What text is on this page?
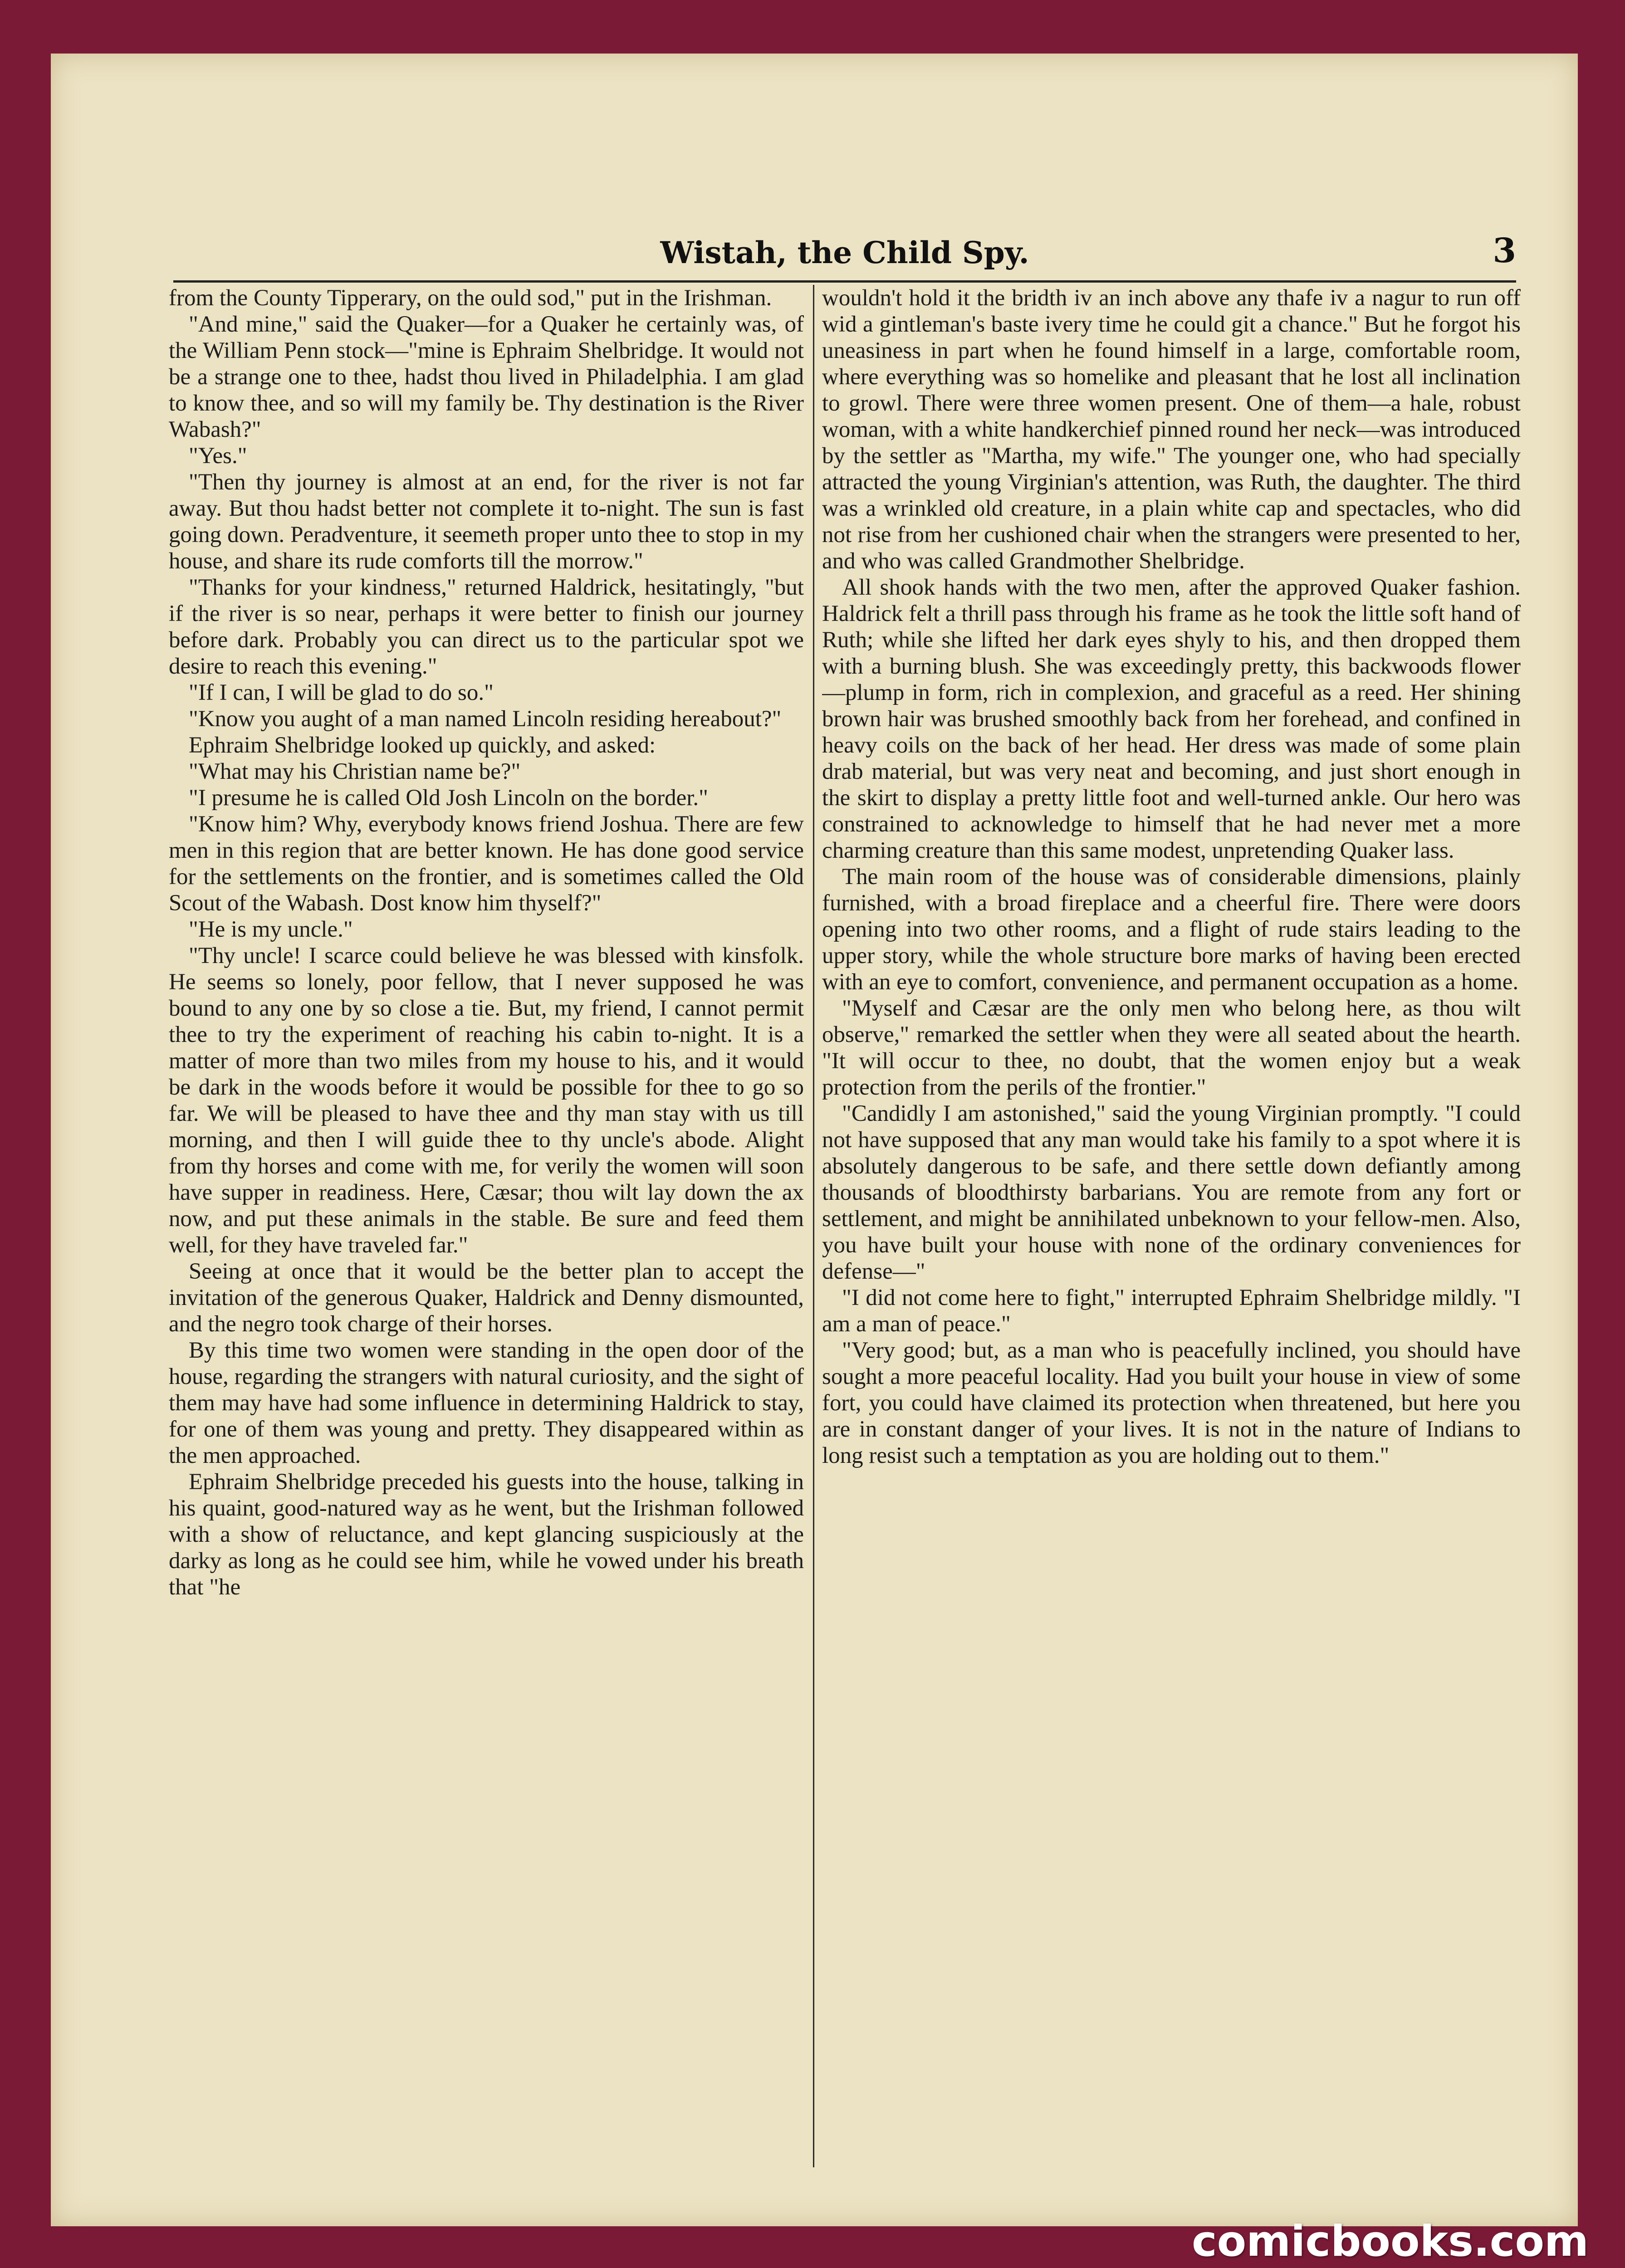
Wistah, the Child Spy.	3

from the County Tipperary, on the ould sod," put in the Irishman.

"And mine," said the Quaker—for a Quaker he certainly was, of the William Penn stock—"mine is Ephraim Shelbridge. It would not be a strange one to thee, hadst thou lived in Philadelphia. I am glad to know thee, and so will my family be. Thy destination is the River Wabash?"

"Yes."

"Then thy journey is almost at an end, for the river is not far away. But thou hadst better not complete it to-night. The sun is fast going down. Peradventure, it seemeth proper unto thee to stop in my house, and share its rude comforts till the morrow."

"Thanks for your kindness," returned Haldrick, hesitatingly, "but if the river is so near, perhaps it were better to finish our journey before dark. Probably you can direct us to the particular spot we desire to reach this evening."

"If I can, I will be glad to do so."

"Know you aught of a man named Lincoln residing hereabout?"

Ephraim Shelbridge looked up quickly, and asked:

"What may his Christian name be?"

"I presume he is called Old Josh Lincoln on the border."

"Know him? Why, everybody knows friend Joshua. There are few men in this region that are better known. He has done good service for the settlements on the frontier, and is sometimes called the Old Scout of the Wabash. Dost know him thyself?"

"He is my uncle."

"Thy uncle! I scarce could believe he was blessed with kinsfolk. He seems so lonely, poor fellow, that I never supposed he was bound to any one by so close a tie. But, my friend, I cannot permit thee to try the experiment of reaching his cabin to-night. It is a matter of more than two miles from my house to his, and it would be dark in the woods before it would be possible for thee to go so far. We will be pleased to have thee and thy man stay with us till morning, and then I will guide thee to thy uncle's abode. Alight from thy horses and come with me, for verily the women will soon have supper in readiness. Here, Cæsar; thou wilt lay down the ax now, and put these animals in the stable. Be sure and feed them well, for they have traveled far."

Seeing at once that it would be the better plan to accept the invitation of the generous Quaker, Haldrick and Denny dismounted, and the negro took charge of their horses.

By this time two women were standing in the open door of the house, regarding the strangers with natural curiosity, and the sight of them may have had some influence in determining Haldrick to stay, for one of them was young and pretty. They disappeared within as the men approached.

Ephraim Shelbridge preceded his guests into the house, talking in his quaint, good-natured way as he went, but the Irishman followed with a show of reluctance, and kept glancing suspiciously at the darky as long as he could see him, while he vowed under his breath that "he

wouldn't hold it the bridth iv an inch above any thafe iv a nagur to run off wid a gintleman's baste ivery time he could git a chance." But he forgot his uneasiness in part when he found himself in a large, comfortable room, where everything was so homelike and pleasant that he lost all inclination to growl. There were three women present. One of them—a hale, robust woman, with a white handkerchief pinned round her neck—was introduced by the settler as "Martha, my wife." The younger one, who had specially attracted the young Virginian's attention, was Ruth, the daughter. The third was a wrinkled old creature, in a plain white cap and spectacles, who did not rise from her cushioned chair when the strangers were presented to her, and who was called Grandmother Shelbridge.

All shook hands with the two men, after the approved Quaker fashion. Haldrick felt a thrill pass through his frame as he took the little soft hand of Ruth; while she lifted her dark eyes shyly to his, and then dropped them with a burning blush. She was exceedingly pretty, this backwoods flower—plump in form, rich in complexion, and graceful as a reed. Her shining brown hair was brushed smoothly back from her forehead, and confined in heavy coils on the back of her head. Her dress was made of some plain drab material, but was very neat and becoming, and just short enough in the skirt to display a pretty little foot and well-turned ankle. Our hero was constrained to acknowledge to himself that he had never met a more charming creature than this same modest, unpretending Quaker lass.

The main room of the house was of considerable dimensions, plainly furnished, with a broad fireplace and a cheerful fire. There were doors opening into two other rooms, and a flight of rude stairs leading to the upper story, while the whole structure bore marks of having been erected with an eye to comfort, convenience, and permanent occupation as a home.

"Myself and Cæsar are the only men who belong here, as thou wilt observe," remarked the settler when they were all seated about the hearth. "It will occur to thee, no doubt, that the women enjoy but a weak protection from the perils of the frontier."

"Candidly I am astonished," said the young Virginian promptly. "I could not have supposed that any man would take his family to a spot where it is absolutely dangerous to be safe, and there settle down defiantly among thousands of bloodthirsty barbarians. You are remote from any fort or settlement, and might be annihilated unbeknown to your fellow-men. Also, you have built your house with none of the ordinary conveniences for defense—"

"I did not come here to fight," interrupted Ephraim Shelbridge mildly. "I am a man of peace."

"Very good; but, as a man who is peacefully inclined, you should have sought a more peaceful locality. Had you built your house in view of some fort, you could have claimed its protection when threatened, but here you are in constant danger of your lives. It is not in the nature of Indians to long resist such a temptation as you are holding out to them."

comicbooks.com
